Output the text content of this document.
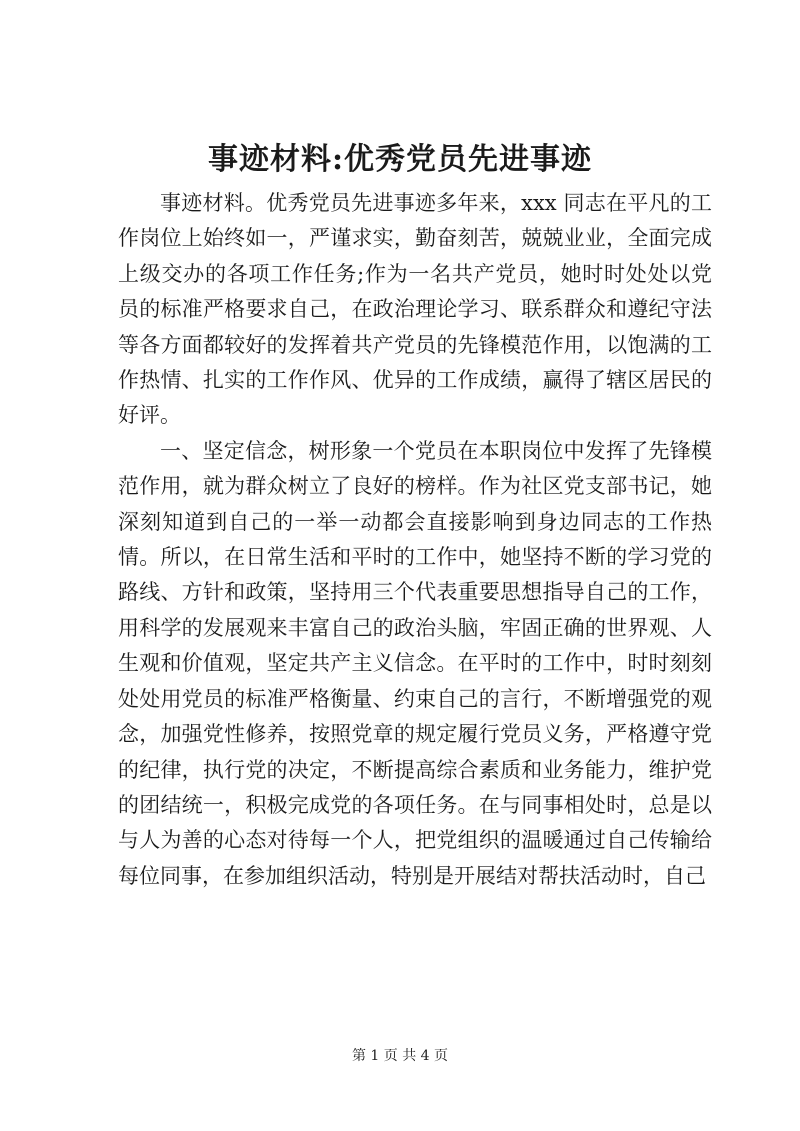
事迹材料:优秀党员先进事迹

事迹材料。优秀党员先进事迹多年来，xxx 同志在平凡的工作岗位上始终如一，严谨求实，勤奋刻苦，兢兢业业，全面完成上级交办的各项工作任务;作为一名共产党员，她时时处处以党员的标准严格要求自己，在政治理论学习、联系群众和遵纪守法等各方面都较好的发挥着共产党员的先锋模范作用，以饱满的工作热情、扎实的工作作风、优异的工作成绩，赢得了辖区居民的好评。

一、坚定信念，树形象一个党员在本职岗位中发挥了先锋模范作用，就为群众树立了良好的榜样。作为社区党支部书记，她深刻知道到自己的一举一动都会直接影响到身边同志的工作热情。所以，在日常生活和平时的工作中，她坚持不断的学习党的路线、方针和政策，坚持用三个代表重要思想指导自己的工作，用科学的发展观来丰富自己的政治头脑，牢固正确的世界观、人生观和价值观，坚定共产主义信念。在平时的工作中，时时刻刻处处用党员的标准严格衡量、约束自己的言行，不断增强党的观念，加强党性修养，按照党章的规定履行党员义务，严格遵守党的纪律，执行党的决定，不断提高综合素质和业务能力，维护党的团结统一，积极完成党的各项任务。在与同事相处时，总是以与人为善的心态对待每一个人，把党组织的温暖通过自己传输给每位同事，在参加组织活动，特别是开展结对帮扶活动时，自己

第 1 页 共 4 页
